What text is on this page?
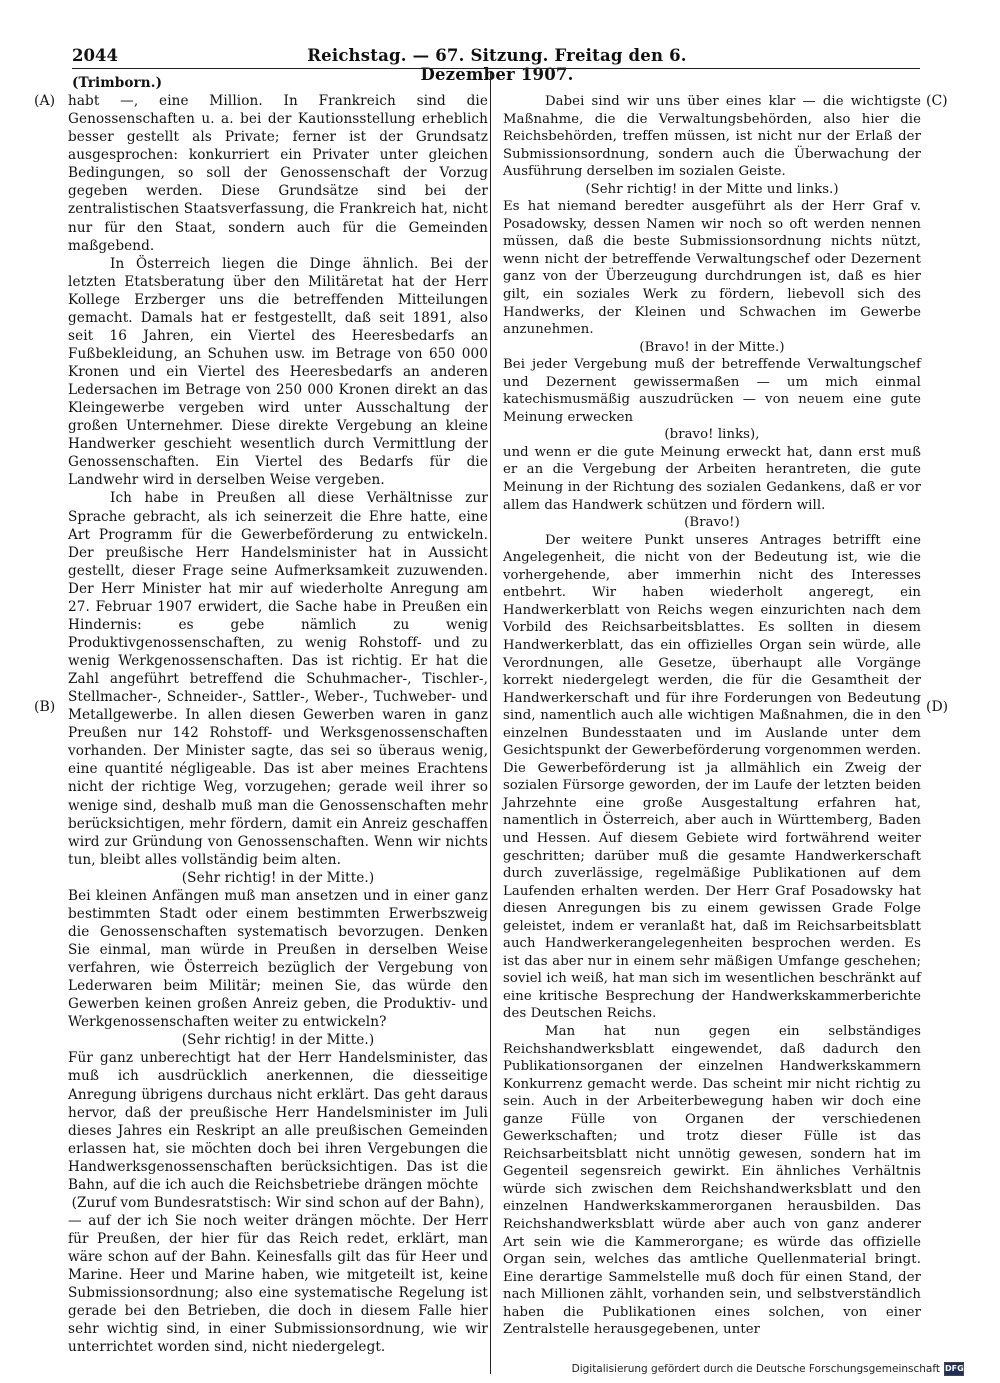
2044	Reichstag. — 67. Sitzung. Freitag den 6. Dezember 1907.
(A)
(B)
(C)
(D)

(Trimborn.)

habt —, eine Million. In Frankreich sind die Genossenschaften u. a. bei der Kautionsstellung erheblich besser gestellt als Private; ferner ist der Grundsatz ausgesprochen: konkurriert ein Privater unter gleichen Bedingungen, so soll der Genossenschaft der Vorzug gegeben werden. Diese Grundsätze sind bei der zentralistischen Staatsverfassung, die Frankreich hat, nicht nur für den Staat, sondern auch für die Gemeinden maßgebend.

In Österreich liegen die Dinge ähnlich. Bei der letzten Etatsberatung über den Militäretat hat der Herr Kollege Erzberger uns die betreffenden Mitteilungen gemacht. Damals hat er festgestellt, daß seit 1891, also seit 16 Jahren, ein Viertel des Heeresbedarfs an Fußbekleidung, an Schuhen usw. im Betrage von 650 000 Kronen und ein Viertel des Heeresbedarfs an anderen Ledersachen im Betrage von 250 000 Kronen direkt an das Kleingewerbe vergeben wird unter Ausschaltung der großen Unternehmer. Diese direkte Vergebung an kleine Handwerker geschieht wesentlich durch Vermittlung der Genossenschaften. Ein Viertel des Bedarfs für die Landwehr wird in derselben Weise vergeben.

Ich habe in Preußen all diese Verhältnisse zur Sprache gebracht, als ich seinerzeit die Ehre hatte, eine Art Programm für die Gewerbeförderung zu entwickeln. Der preußische Herr Handelsminister hat in Aussicht gestellt, dieser Frage seine Aufmerksamkeit zuzuwenden. Der Herr Minister hat mir auf wiederholte Anregung am 27. Februar 1907 erwidert, die Sache habe in Preußen ein Hindernis: es gebe nämlich zu wenig Produktivgenossenschaften, zu wenig Rohstoff- und zu wenig Werkgenossenschaften. Das ist richtig. Er hat die Zahl angeführt betreffend die Schuhmacher-, Tischler-, Stellmacher-, Schneider-, Sattler-, Weber-, Tuchweber- und Metallgewerbe. In allen diesen Gewerben waren in ganz Preußen nur 142 Rohstoff- und Werksgenossenschaften vorhanden. Der Minister sagte, das sei so überaus wenig, eine quantité négligeable. Das ist aber meines Erachtens nicht der richtige Weg, vorzugehen; gerade weil ihrer so wenige sind, deshalb muß man die Genossenschaften mehr berücksichtigen, mehr fördern, damit ein Anreiz geschaffen wird zur Gründung von Genossenschaften. Wenn wir nichts tun, bleibt alles vollständig beim alten.

(Sehr richtig! in der Mitte.)

Bei kleinen Anfängen muß man ansetzen und in einer ganz bestimmten Stadt oder einem bestimmten Erwerbszweig die Genossenschaften systematisch bevorzugen. Denken Sie einmal, man würde in Preußen in derselben Weise verfahren, wie Österreich bezüglich der Vergebung von Lederwaren beim Militär; meinen Sie, das würde den Gewerben keinen großen Anreiz geben, die Produktiv- und Werkgenossenschaften weiter zu entwickeln?

(Sehr richtig! in der Mitte.)

Für ganz unberechtigt hat der Herr Handelsminister, das muß ich ausdrücklich anerkennen, die diesseitige Anregung übrigens durchaus nicht erklärt. Das geht daraus hervor, daß der preußische Herr Handelsminister im Juli dieses Jahres ein Reskript an alle preußischen Gemeinden erlassen hat, sie möchten doch bei ihren Vergebungen die Handwerksgenossenschaften berücksichtigen. Das ist die Bahn, auf die ich auch die Reichsbetriebe drängen möchte

(Zuruf vom Bundesratstisch: Wir sind schon auf der Bahn),

— auf der ich Sie noch weiter drängen möchte. Der Herr für Preußen, der hier für das Reich redet, erklärt, man wäre schon auf der Bahn. Keinesfalls gilt das für Heer und Marine. Heer und Marine haben, wie mitgeteilt ist, keine Submissionsordnung; also eine systematische Regelung ist gerade bei den Betrieben, die doch in diesem Falle hier sehr wichtig sind, in einer Submissionsordnung, wie wir unterrichtet worden sind, nicht niedergelegt.

Dabei sind wir uns über eines klar — die wichtigste Maßnahme, die die Verwaltungsbehörden, also hier die Reichsbehörden, treffen müssen, ist nicht nur der Erlaß der Submissionsordnung, sondern auch die Überwachung der Ausführung derselben im sozialen Geiste.

(Sehr richtig! in der Mitte und links.)

Es hat niemand beredter ausgeführt als der Herr Graf v. Posadowsky, dessen Namen wir noch so oft werden nennen müssen, daß die beste Submissionsordnung nichts nützt, wenn nicht der betreffende Verwaltungschef oder Dezernent ganz von der Überzeugung durchdrungen ist, daß es hier gilt, ein soziales Werk zu fördern, liebevoll sich des Handwerks, der Kleinen und Schwachen im Gewerbe anzunehmen.

(Bravo! in der Mitte.)

Bei jeder Vergebung muß der betreffende Verwaltungschef und Dezernent gewissermaßen — um mich einmal katechismusmäßig auszudrücken — von neuem eine gute Meinung erwecken

(bravo! links),

und wenn er die gute Meinung erweckt hat, dann erst muß er an die Vergebung der Arbeiten herantreten, die gute Meinung in der Richtung des sozialen Gedankens, daß er vor allem das Handwerk schützen und fördern will.

(Bravo!)

Der weitere Punkt unseres Antrages betrifft eine Angelegenheit, die nicht von der Bedeutung ist, wie die vorhergehende, aber immerhin nicht des Interesses entbehrt. Wir haben wiederholt angeregt, ein Handwerkerblatt von Reichs wegen einzurichten nach dem Vorbild des Reichsarbeitsblattes. Es sollten in diesem Handwerkerblatt, das ein offizielles Organ sein würde, alle Verordnungen, alle Gesetze, überhaupt alle Vorgänge korrekt niedergelegt werden, die für die Gesamtheit der Handwerkerschaft und für ihre Forderungen von Bedeutung sind, namentlich auch alle wichtigen Maßnahmen, die in den einzelnen Bundesstaaten und im Auslande unter dem Gesichtspunkt der Gewerbeförderung vorgenommen werden. Die Gewerbeförderung ist ja allmählich ein Zweig der sozialen Fürsorge geworden, der im Laufe der letzten beiden Jahrzehnte eine große Ausgestaltung erfahren hat, namentlich in Österreich, aber auch in Württemberg, Baden und Hessen. Auf diesem Gebiete wird fortwährend weiter geschritten; darüber muß die gesamte Handwerkerschaft durch zuverlässige, regelmäßige Publikationen auf dem Laufenden erhalten werden. Der Herr Graf Posadowsky hat diesen Anregungen bis zu einem gewissen Grade Folge geleistet, indem er veranlaßt hat, daß im Reichsarbeitsblatt auch Handwerkerangelegenheiten besprochen werden. Es ist das aber nur in einem sehr mäßigen Umfange geschehen; soviel ich weiß, hat man sich im wesentlichen beschränkt auf eine kritische Besprechung der Handwerkskammerberichte des Deutschen Reichs.

Man hat nun gegen ein selbständiges Reichshandwerksblatt eingewendet, daß dadurch den Publikationsorganen der einzelnen Handwerkskammern Konkurrenz gemacht werde. Das scheint mir nicht richtig zu sein. Auch in der Arbeiterbewegung haben wir doch eine ganze Fülle von Organen der verschiedenen Gewerkschaften; und trotz dieser Fülle ist das Reichsarbeitsblatt nicht unnötig gewesen, sondern hat im Gegenteil segensreich gewirkt. Ein ähnliches Verhältnis würde sich zwischen dem Reichshandwerksblatt und den einzelnen Handwerkskammerorganen herausbilden. Das Reichshandwerksblatt würde aber auch von ganz anderer Art sein wie die Kammerorgane; es würde das offizielle Organ sein, welches das amtliche Quellenmaterial bringt. Eine derartige Sammelstelle muß doch für einen Stand, der nach Millionen zählt, vorhanden sein, und selbstverständlich haben die Publikationen eines solchen, von einer Zentralstelle herausgegebenen, unter

Digitalisierung gefördert durch die Deutsche Forschungsgemeinschaft DFG
